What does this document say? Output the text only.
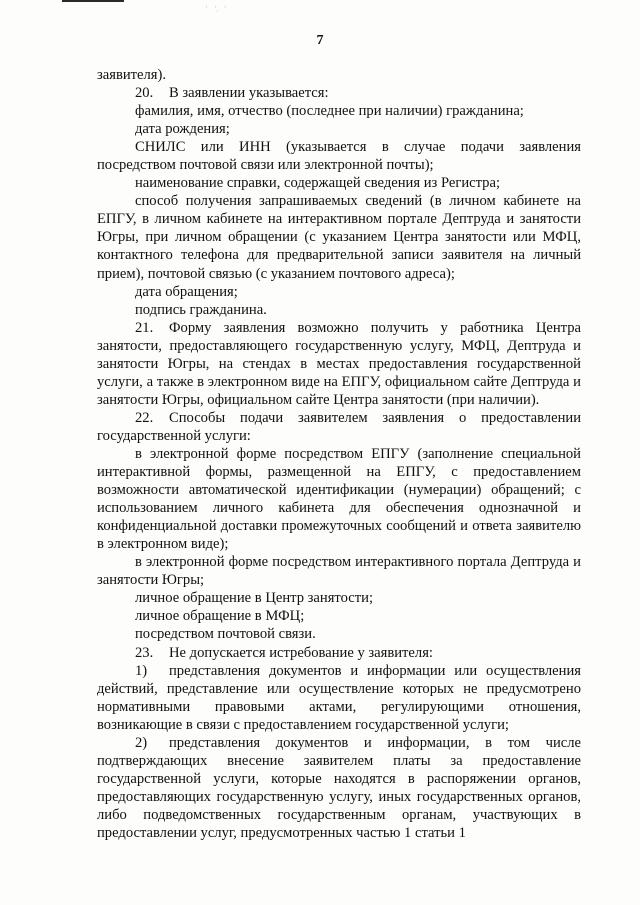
· ·̣ ·
7

заявителя).

20. В заявлении указывается:

фамилия, имя, отчество (последнее при наличии) гражданина;

дата рождения;

СНИЛС или ИНН (указывается в случае подачи заявления посредством почтовой связи или электронной почты);

наименование справки, содержащей сведения из Регистра;

способ получения запрашиваемых сведений (в личном кабинете на ЕПГУ, в личном кабинете на интерактивном портале Дептруда и занятости Югры, при личном обращении (с указанием Центра занятости или МФЦ, контактного телефона для предварительной записи заявителя на личный прием), почтовой связью (с указанием почтового адреса);

дата обращения;

подпись гражданина.

21. Форму заявления возможно получить у работника Центра занятости, предоставляющего государственную услугу, МФЦ, Дептруда и занятости Югры, на стендах в местах предоставления государственной услуги, а также в электронном виде на ЕПГУ, официальном сайте Дептруда и занятости Югры, официальном сайте Центра занятости (при наличии).

22. Способы подачи заявителем заявления о предоставлении государственной услуги:

в электронной форме посредством ЕПГУ (заполнение специальной интерактивной формы, размещенной на ЕПГУ, с предоставлением возможности автоматической идентификации (нумерации) обращений; с использованием личного кабинета для обеспечения однозначной и конфиденциальной доставки промежуточных сообщений и ответа заявителю в электронном виде);

в электронной форме посредством интерактивного портала Дептруда и занятости Югры;

личное обращение в Центр занятости;

личное обращение в МФЦ;

посредством почтовой связи.

23. Не допускается истребование у заявителя:

1) представления документов и информации или осуществления действий, представление или осуществление которых не предусмотрено нормативными правовыми актами, регулирующими отношения, возникающие в связи с предоставлением государственной услуги;

2) представления документов и информации, в том числе подтверждающих внесение заявителем платы за предоставление государственной услуги, которые находятся в распоряжении органов, предоставляющих государственную услугу, иных государственных органов, либо подведомственных государственным органам, участвующих в предоставлении услуг, предусмотренных частью 1 статьи 1
